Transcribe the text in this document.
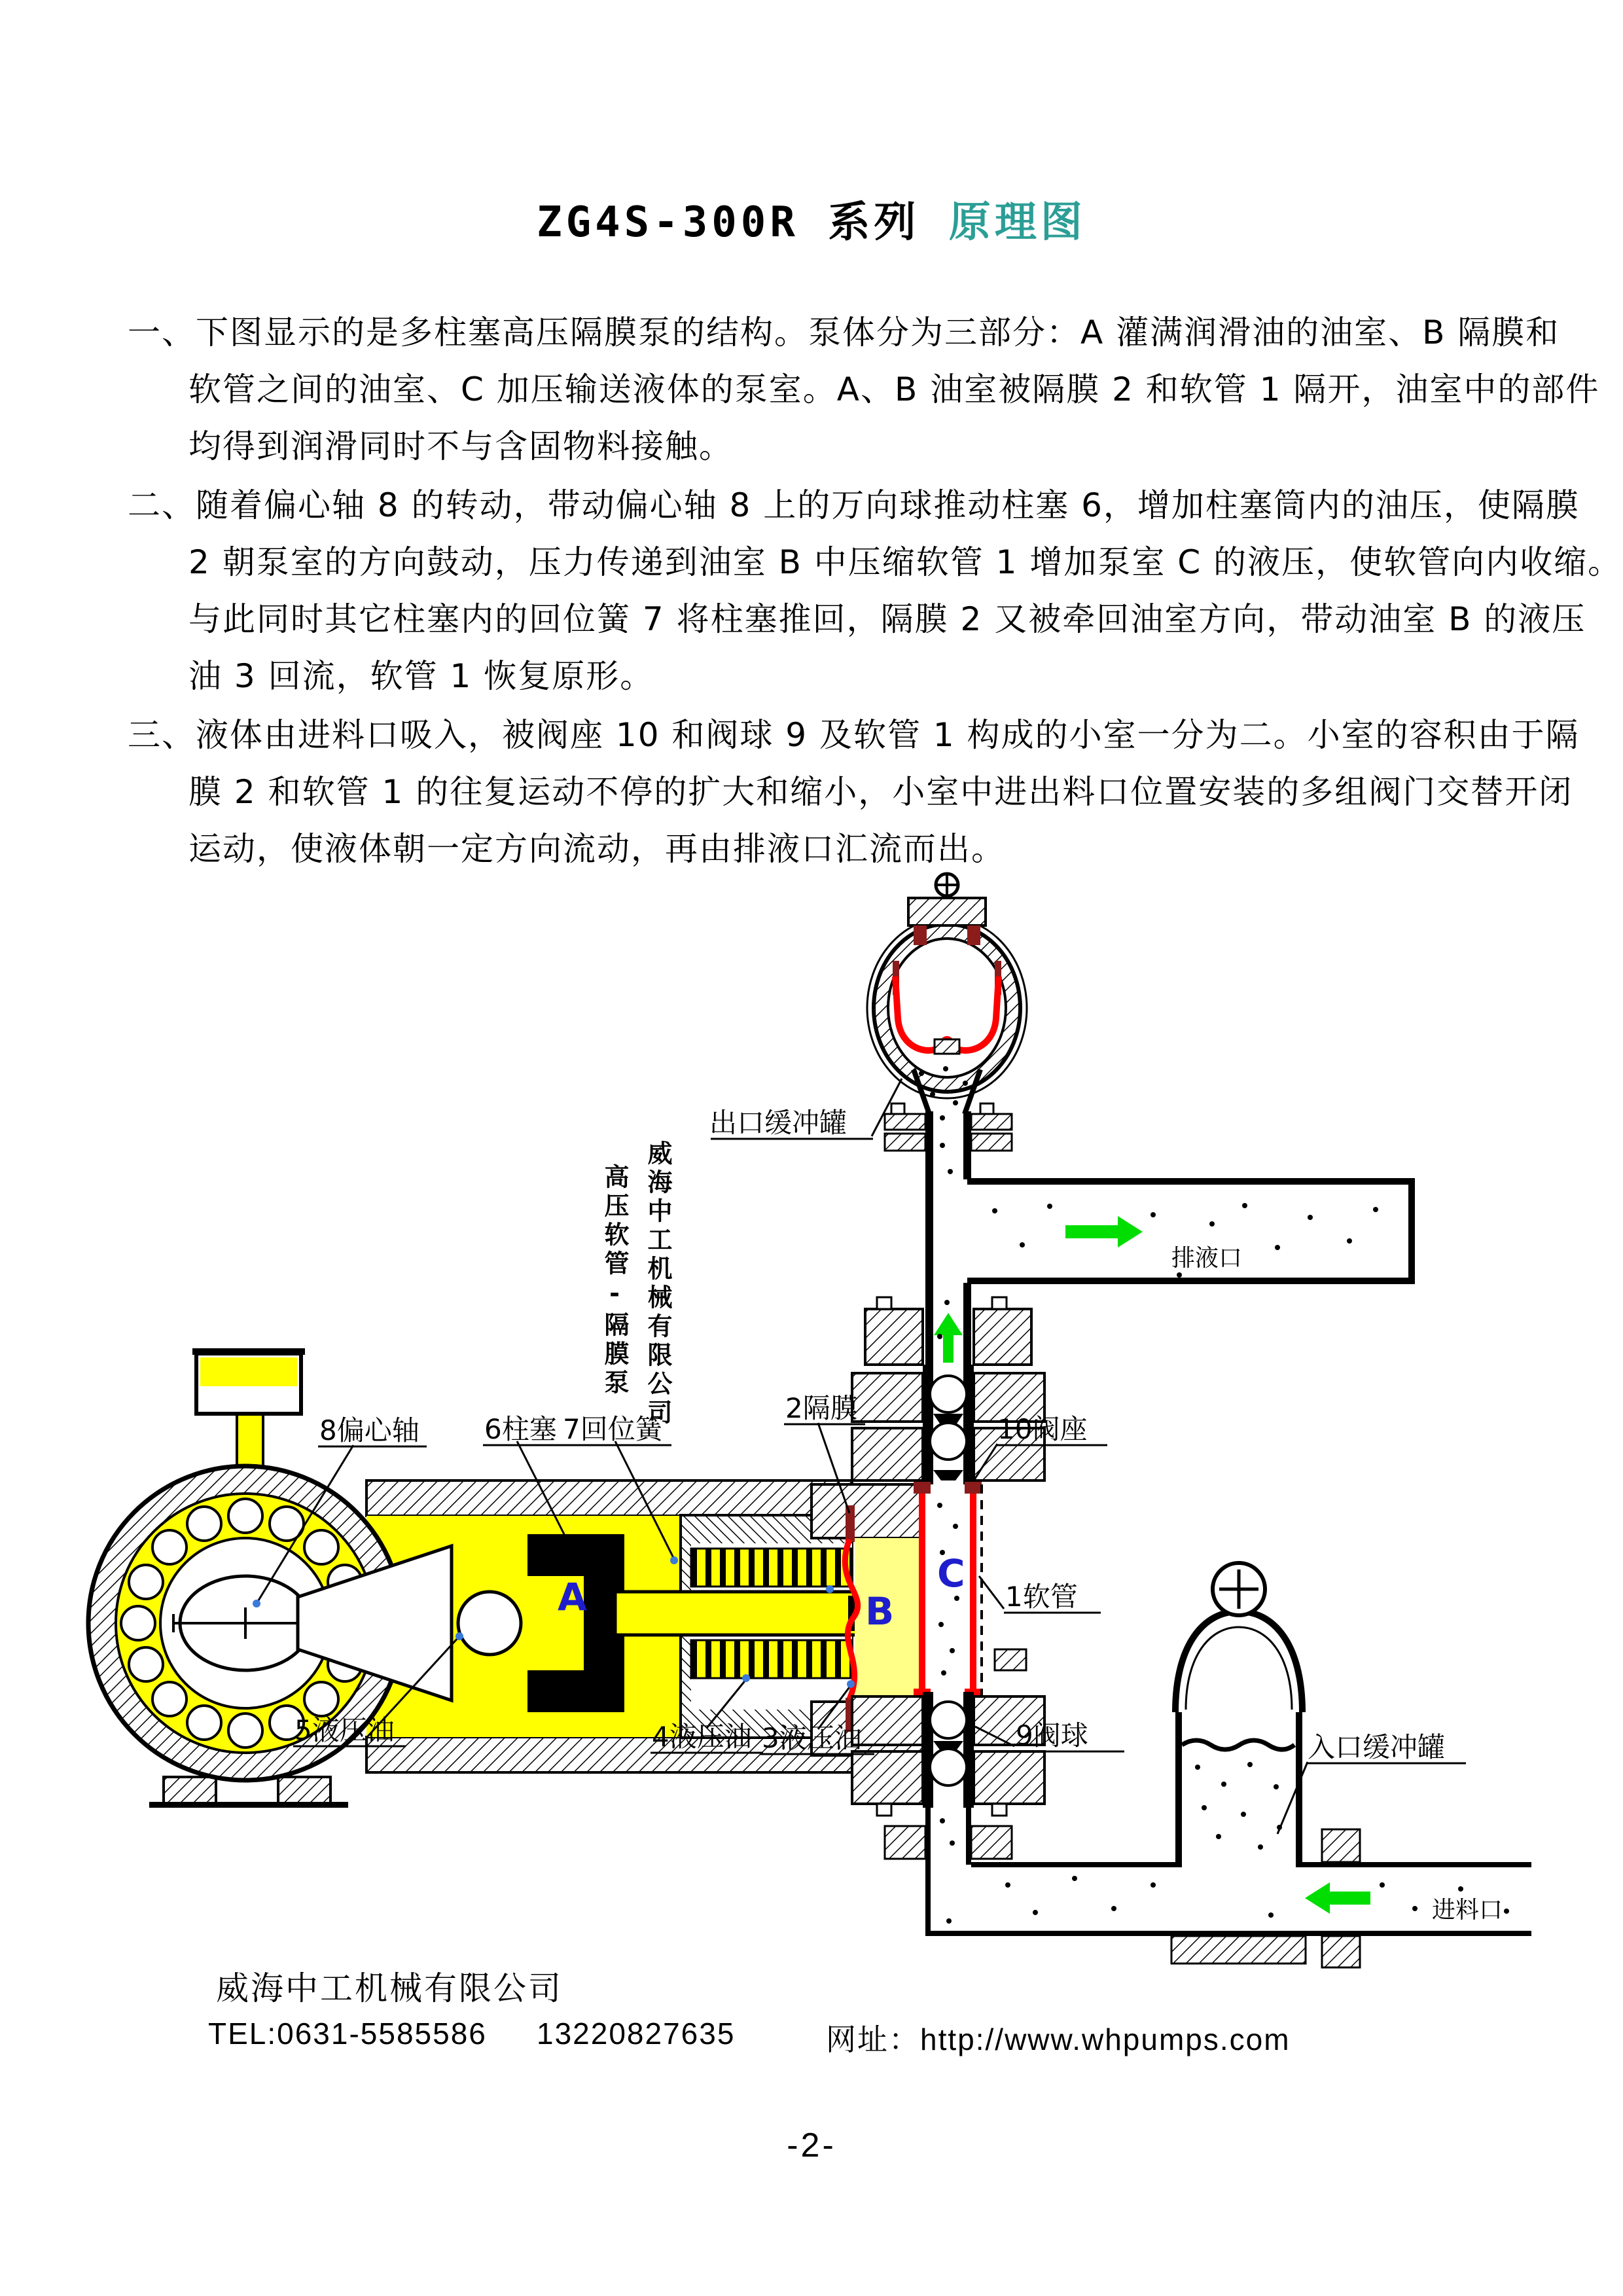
ZG4S-300R 系列 原理图
一、下图显示的是多柱塞高压隔膜泵的结构。泵体分为三部分：A 灌满润滑油的油室、B 隔膜和
软管之间的油室、C 加压输送液体的泵室。A、B 油室被隔膜 2 和软管 1 隔开，油室中的部件
均得到润滑同时不与含固物料接触。
二、随着偏心轴 8 的转动，带动偏心轴 8 上的万向球推动柱塞 6，增加柱塞筒内的油压，使隔膜
2 朝泵室的方向鼓动，压力传递到油室 B 中压缩软管 1 增加泵室 C 的液压，使软管向内收缩。
与此同时其它柱塞内的回位簧 7 将柱塞推回，隔膜 2 又被牵回油室方向，带动油室 B 的液压
油 3 回流，软管 1 恢复原形。
三、液体由进料口吸入，被阀座 10 和阀球 9 及软管 1 构成的小室一分为二。小室的容积由于隔
膜 2 和软管 1 的往复运动不停的扩大和缩小，小室中进出料口位置安装的多组阀门交替开闭
运动，使液体朝一定方向流动，再由排液口汇流而出。
A	B
C
8偏心轴 6柱塞 7回位簧
2隔膜
10阀座
5液压油	4液压油 3液压油	9阀球
1软管
出口缓冲罐
排液口
入口缓冲罐
进料口
威海中工机械有限公司
高压软管-隔膜泵
威海中工机械有限公司
TEL:0631-5585586 13220827635	网址：http://www.whpumps.com
-2-
